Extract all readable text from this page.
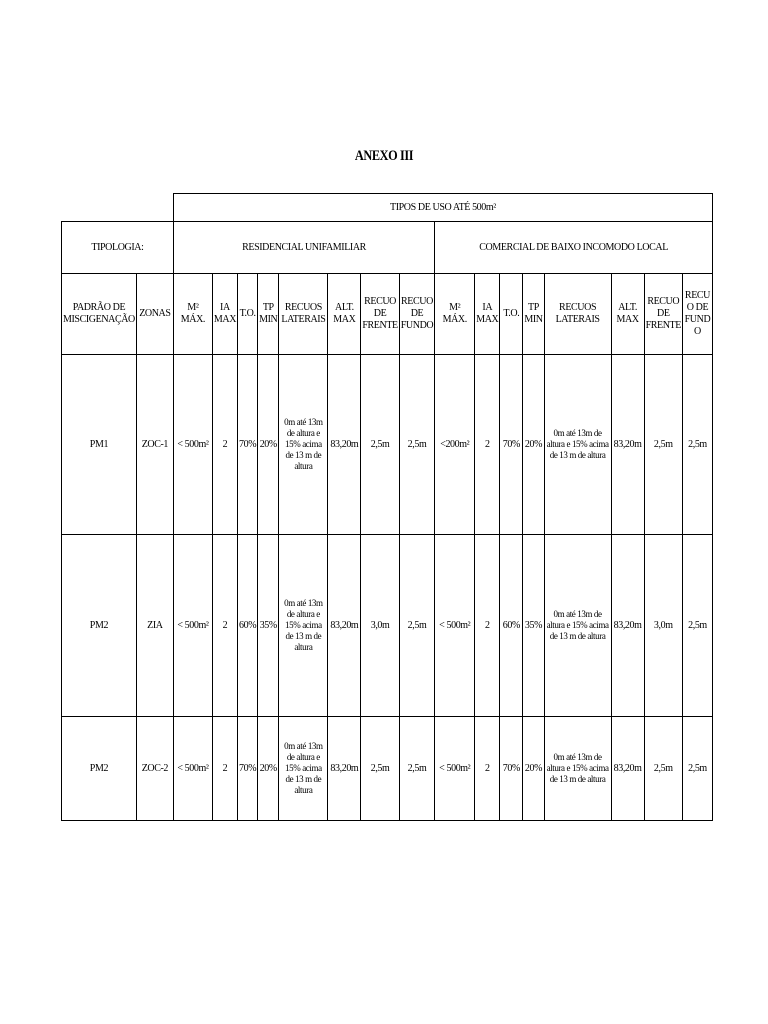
ANEXO III
		TIPOS DE USO ATÉ 500m²															
TIPOLOGIA:		RESIDENCIAL UNIFAMILIAR								COMERCIAL DE BAIXO INCOMODO LOCAL							
PADRÃO DE MISCIGENAÇÃO	ZONAS	M² MÁX.	IA MAX	T.O.	TP MIN	RECUOS LATERAIS	ALT. MAX	RECUO DE FRENTE	RECUO DE FUNDO	M² MÁX.	IA MAX	T.O.	TP MIN	RECUOS LATERAIS	ALT. MAX	RECUO DE FRENTE	RECU O DE FUND O
PM1	ZOC-1	< 500m²	2	70%	20%	0m até 13m de altura e 15% acima de 13 m de altura	83,20m	2,5m	2,5m	<200m²	2	70%	20%	0m até 13m de altura e 15% acima de 13 m de altura	83,20m	2,5m	2,5m
PM2	ZIA	< 500m²	2	60%	35%	0m até 13m de altura e 15% acima de 13 m de altura	83,20m	3,0m	2,5m	< 500m²	2	60%	35%	0m até 13m de altura e 15% acima de 13 m de altura	83,20m	3,0m	2,5m
PM2	ZOC-2	< 500m²	2	70%	20%	0m até 13m de altura e 15% acima de 13 m de altura	83,20m	2,5m	2,5m	< 500m²	2	70%	20%	0m até 13m de altura e 15% acima de 13 m de altura	83,20m	2,5m	2,5m
